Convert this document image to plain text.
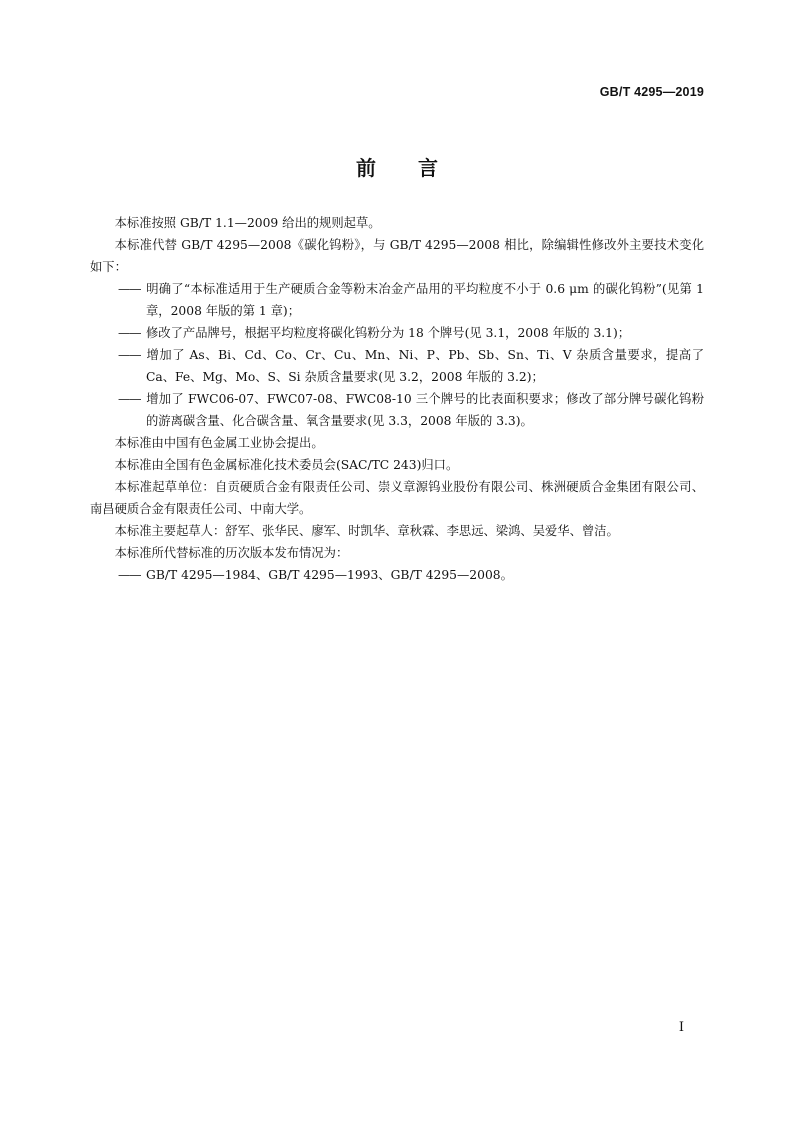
GB/T 4295—2019
前 言

本标准按照 GB/T 1.1—2009 给出的规则起草。

本标准代替 GB/T 4295—2008《碳化钨粉》，与 GB/T 4295—2008 相比，除编辑性修改外主要技术变化如下：

—— 明确了“本标准适用于生产硬质合金等粉末冶金产品用的平均粒度不小于 0.6 μm 的碳化钨粉”(见第 1 章，2008 年版的第 1 章)；

—— 修改了产品牌号，根据平均粒度将碳化钨粉分为 18 个牌号(见 3.1，2008 年版的 3.1)；

—— 增加了 As、Bi、Cd、Co、Cr、Cu、Mn、Ni、P、Pb、Sb、Sn、Ti、V 杂质含量要求，提高了 Ca、Fe、Mg、Mo、S、Si 杂质含量要求(见 3.2，2008 年版的 3.2)；

—— 增加了 FWC06-07、FWC07-08、FWC08-10 三个牌号的比表面积要求；修改了部分牌号碳化钨粉的游离碳含量、化合碳含量、氧含量要求(见 3.3，2008 年版的 3.3)。

本标准由中国有色金属工业协会提出。

本标准由全国有色金属标准化技术委员会(SAC/TC 243)归口。

本标准起草单位：自贡硬质合金有限责任公司、崇义章源钨业股份有限公司、株洲硬质合金集团有限公司、南昌硬质合金有限责任公司、中南大学。

本标准主要起草人：舒军、张华民、廖军、时凯华、章秋霖、李思远、梁鸿、吴爱华、曾洁。

本标准所代替标准的历次版本发布情况为：

—— GB/T 4295—1984、GB/T 4295—1993、GB/T 4295—2008。

I
